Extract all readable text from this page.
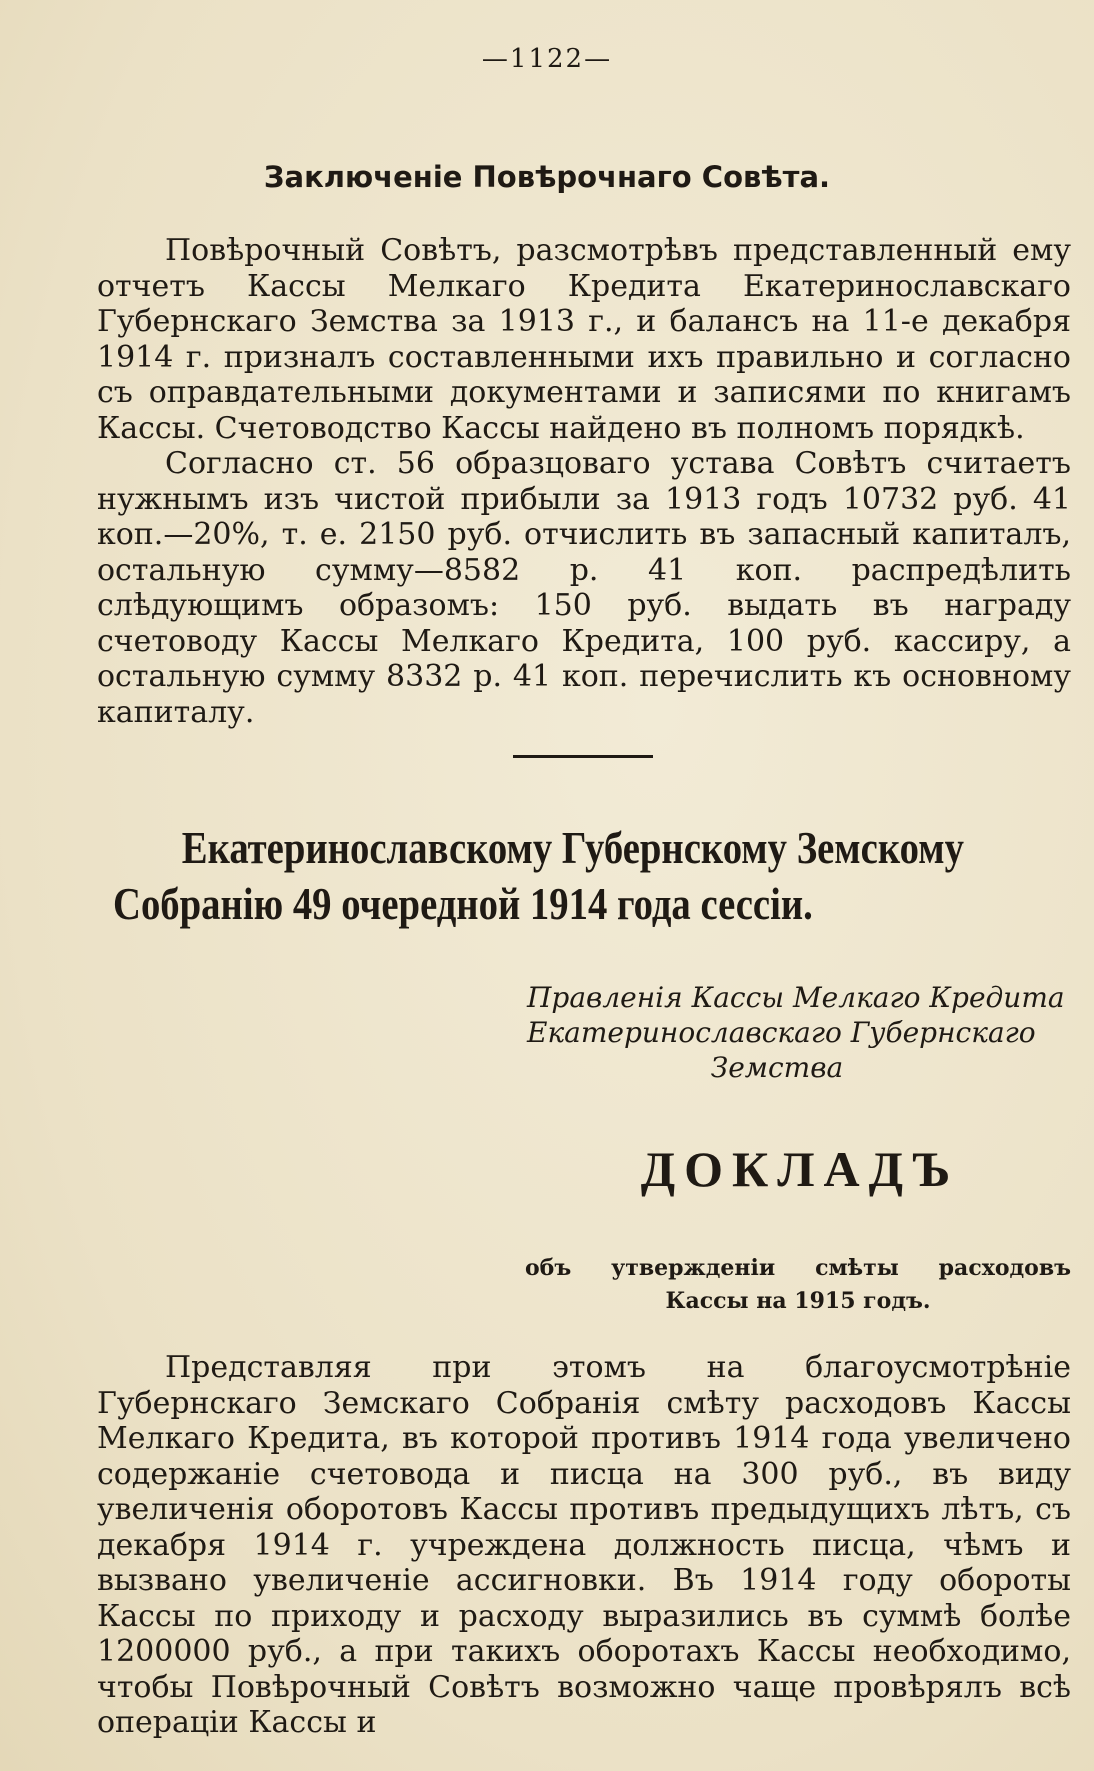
—1122—
Заключеніе Повѣрочнаго Совѣта.

Повѣрочный Совѣтъ, разсмотрѣвъ представленный ему отчетъ Кассы Мелкаго Кредита Екатеринославскаго Губернскаго Земства за 1913 г., и балансъ на 11-е декабря 1914 г. призналъ составленными ихъ правильно и согласно съ оправдательными документами и записями по книгамъ Кассы. Счетоводство Кассы найдено въ полномъ порядкѣ.

Согласно ст. 56 образцоваго устава Совѣтъ считаетъ нужнымъ изъ чистой прибыли за 1913 годъ 10732 руб. 41 коп.—20%, т. е. 2150 руб. отчислить въ запасный капиталъ, остальную сумму—8582 р. 41 коп. распредѣлить слѣдующимъ образомъ: 150 руб. выдать въ награду счетоводу Кассы Мелкаго Кредита, 100 руб. кассиру, а остальную сумму 8332 р. 41 коп. перечислить къ основному капиталу.

Екатеринославскому Губернскому Земскому
Собранію 49 очередной 1914 года сессіи.
Правленія Кассы Мелкаго Кредита
Екатеринославскаго Губернскаго
Земства
ДОКЛАДЪ
объ утвержденіи смѣты расходовъ
Кассы на 1915 годъ.

Представляя при этомъ на благоусмотрѣніе Губернскаго Земскаго Собранія смѣту расходовъ Кассы Мелкаго Кредита, въ которой противъ 1914 года увеличено содержаніе счетовода и писца на 300 руб., въ виду увеличенія оборотовъ Кассы противъ предыдущихъ лѣтъ, съ декабря 1914 г. учреждена должность писца, чѣмъ и вызвано увеличеніе ассигновки. Въ 1914 году обороты Кассы по приходу и расходу выразились въ суммѣ болѣе 1200000 руб., а при такихъ оборотахъ Кассы необходимо, чтобы Повѣрочный Совѣтъ возможно чаще провѣрялъ всѣ операціи Кассы и
